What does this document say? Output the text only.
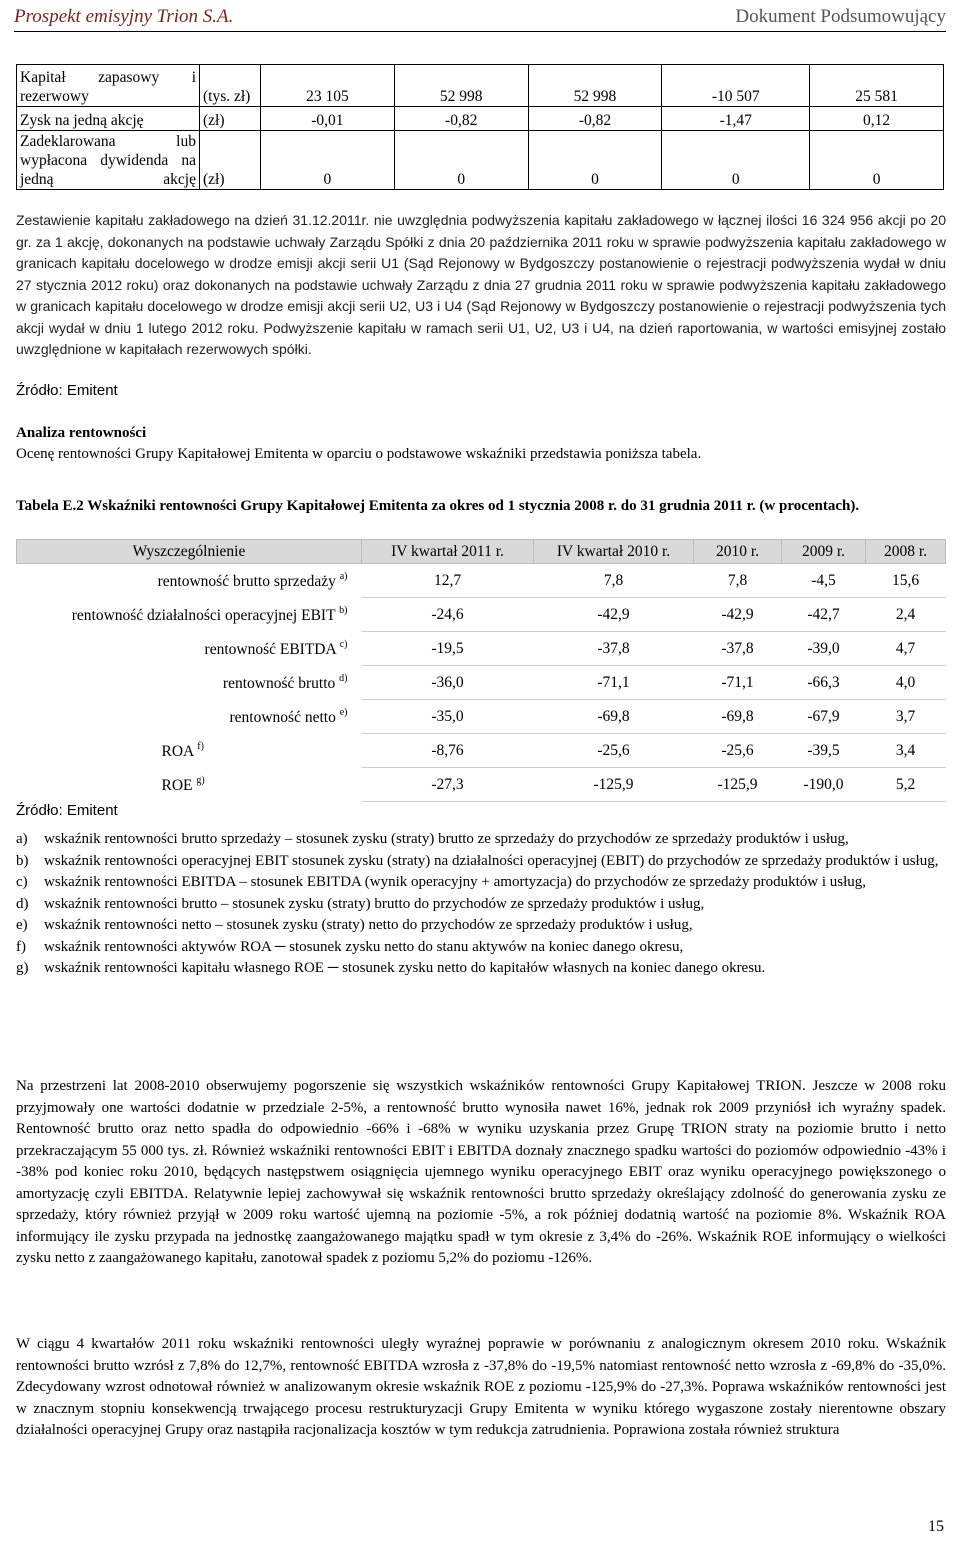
Prospekt emisyjny Trion S.A.	Dokument Podsumowujący
Kapitał zapasowy i rezerwowy	(tys. zł)	23 105	52 998	52 998	-10 507	25 581
Zysk na jedną akcję	(zł)	-0,01	-0,82	-0,82	-1,47	0,12
Zadeklarowana lub wypłacona dywidenda na jedną akcję	(zł)	0	0	0	0	0
Zestawienie kapitału zakładowego na dzień 31.12.2011r. nie uwzględnia podwyższenia kapitału zakładowego w łącznej ilości 16 324 956 akcji po 20 gr. za 1 akcję, dokonanych na podstawie uchwały Zarządu Spółki z dnia 20 października 2011 roku w sprawie podwyższenia kapitału zakładowego w granicach kapitału docelowego w drodze emisji akcji serii U1 (Sąd Rejonowy w Bydgoszczy postanowienie o rejestracji podwyższenia wydał w dniu 27 stycznia 2012 roku) oraz dokonanych na podstawie uchwały Zarządu z dnia 27 grudnia 2011 roku w sprawie podwyższenia kapitału zakładowego w granicach kapitału docelowego w drodze emisji akcji serii U2, U3 i U4 (Sąd Rejonowy w Bydgoszczy postanowienie o rejestracji podwyższenia tych akcji wydał w dniu 1 lutego 2012 roku. Podwyższenie kapitału w ramach serii U1, U2, U3 i U4, na dzień raportowania, w wartości emisyjnej zostało uwzględnione w kapitałach rezerwowych spółki.
Źródło: Emitent
Analiza rentowności
Ocenę rentowności Grupy Kapitałowej Emitenta w oparciu o podstawowe wskaźniki przedstawia poniższa tabela.
Tabela E.2 Wskaźniki rentowności Grupy Kapitałowej Emitenta za okres od 1 stycznia 2008 r. do 31 grudnia 2011 r. (w procentach).
Wyszczególnienie	IV kwartał 2011 r.	IV kwartał 2010 r.	2010 r.	2009 r.	2008 r.
rentowność brutto sprzedaży $^{a)}$	12,7	7,8	7,8	-4,5	15,6
rentowność działalności operacyjnej EBIT $^{b)}$	-24,6	-42,9	-42,9	-42,7	2,4
rentowność EBITDA $^{c)}$	-19,5	-37,8	-37,8	-39,0	4,7
rentowność brutto $^{d)}$	-36,0	-71,1	-71,1	-66,3	4,0
rentowność netto $^{e)}$	-35,0	-69,8	-69,8	-67,9	3,7
ROA $^{f)}$	-8,76	-25,6	-25,6	-39,5	3,4
ROE $^{g)}$	-27,3	-125,9	-125,9	-190,0	5,2
Źródło: Emitent
a)	wskaźnik rentowności brutto sprzedaży – stosunek zysku (straty) brutto ze sprzedaży do przychodów ze sprzedaży produktów i usług,
b)	wskaźnik rentowności operacyjnej EBIT stosunek zysku (straty) na działalności operacyjnej (EBIT) do przychodów ze sprzedaży produktów i usług,
c)	wskaźnik rentowności EBITDA – stosunek EBITDA (wynik operacyjny + amortyzacja) do przychodów ze sprzedaży produktów i usług,
d)	wskaźnik rentowności brutto – stosunek zysku (straty) brutto do przychodów ze sprzedaży produktów i usług,
e)	wskaźnik rentowności netto – stosunek zysku (straty) netto do przychodów ze sprzedaży produktów i usług,
f)	wskaźnik rentowności aktywów ROA ─ stosunek zysku netto do stanu aktywów na koniec danego okresu,
g)	wskaźnik rentowności kapitału własnego ROE ─ stosunek zysku netto do kapitałów własnych na koniec danego okresu.
Na przestrzeni lat 2008-2010 obserwujemy pogorszenie się wszystkich wskaźników rentowności Grupy Kapitałowej TRION. Jeszcze w 2008 roku przyjmowały one wartości dodatnie w przedziale 2-5%, a rentowność brutto wynosiła nawet 16%, jednak rok 2009 przyniósł ich wyraźny spadek. Rentowność brutto oraz netto spadła do odpowiednio -66% i -68% w wyniku uzyskania przez Grupę TRION straty na poziomie brutto i netto przekraczającym 55 000 tys. zł. Również wskaźniki rentowności EBIT i EBITDA doznały znacznego spadku wartości do poziomów odpowiednio -43% i -38% pod koniec roku 2010, będących następstwem osiągnięcia ujemnego wyniku operacyjnego EBIT oraz wyniku operacyjnego powiększonego o amortyzację czyli EBITDA. Relatywnie lepiej zachowywał się wskaźnik rentowności brutto sprzedaży określający zdolność do generowania zysku ze sprzedaży, który również przyjął w 2009 roku wartość ujemną na poziomie -5%, a rok później dodatnią wartość na poziomie 8%. Wskaźnik ROA informujący ile zysku przypada na jednostkę zaangażowanego majątku spadł w tym okresie z 3,4% do -26%. Wskaźnik ROE informujący o wielkości zysku netto z zaangażowanego kapitału, zanotował spadek z poziomu 5,2% do poziomu -126%.
W ciągu 4 kwartałów 2011 roku wskaźniki rentowności uległy wyraźnej poprawie w porównaniu z analogicznym okresem 2010 roku. Wskaźnik rentowności brutto wzrósł z 7,8% do 12,7%, rentowność EBITDA wzrosła z -37,8% do -19,5% natomiast rentowność netto wzrosła z -69,8% do -35,0%. Zdecydowany wzrost odnotował również w analizowanym okresie wskaźnik ROE z poziomu -125,9% do -27,3%. Poprawa wskaźników rentowności jest w znacznym stopniu konsekwencją trwającego procesu restrukturyzacji Grupy Emitenta w wyniku którego wygaszone zostały nierentowne obszary działalności operacyjnej Grupy oraz nastąpiła racjonalizacja kosztów w tym redukcja zatrudnienia. Poprawiona została również struktura
15
